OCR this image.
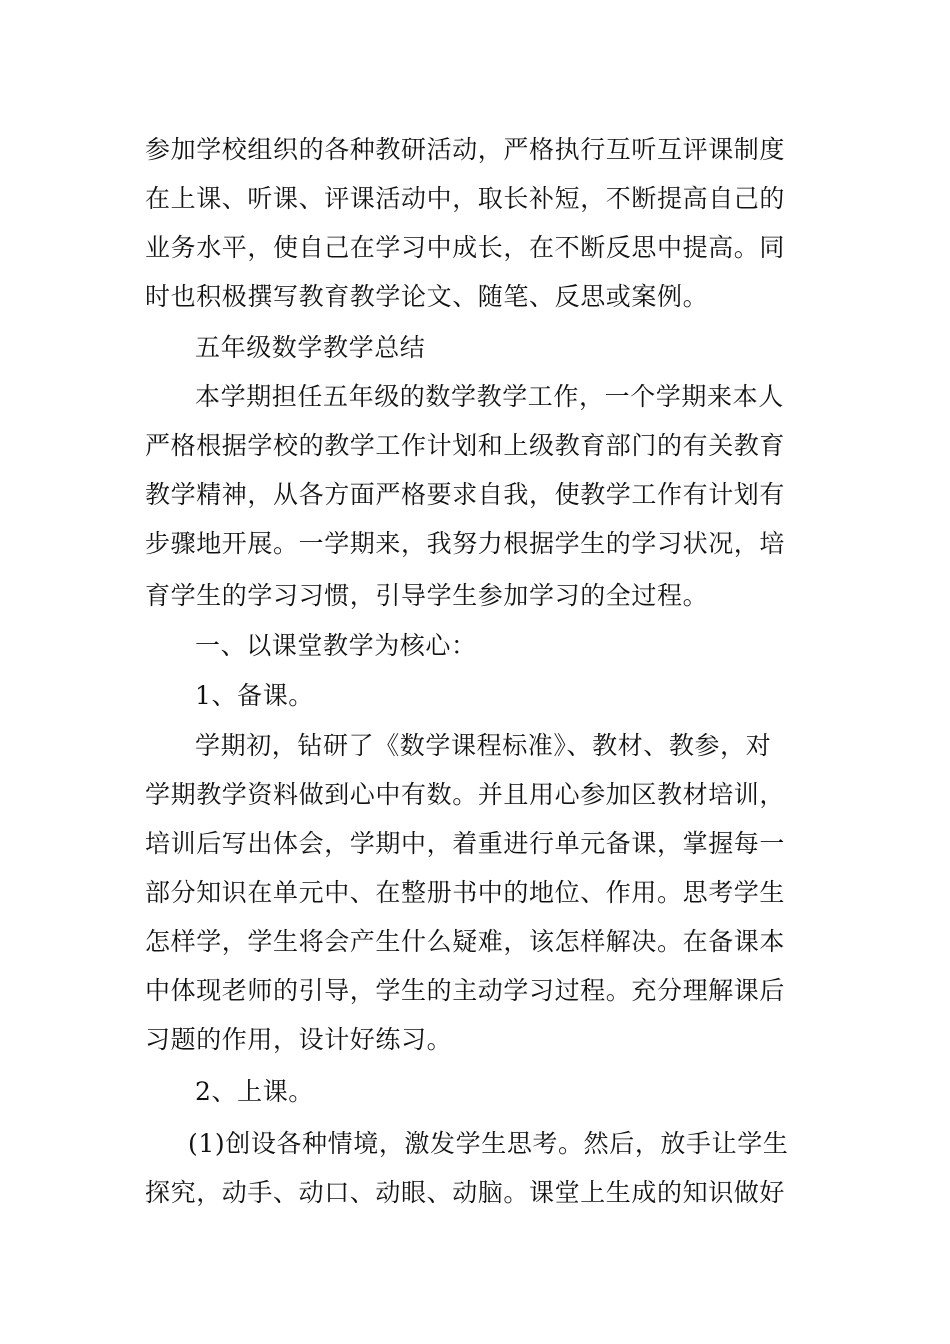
参加学校组织的各种教研活动，严格执行互听互评课制度
在上课、听课、评课活动中，取长补短，不断提高自己的
业务水平，使自己在学习中成长，在不断反思中提高。同
时也积极撰写教育教学论文、随笔、反思或案例。
五年级数学教学总结
本学期担任五年级的数学教学工作，一个学期来本人
严格根据学校的教学工作计划和上级教育部门的有关教育
教学精神，从各方面严格要求自我，使教学工作有计划有
步骤地开展。一学期来，我努力根据学生的学习状况，培
育学生的学习习惯，引导学生参加学习的全过程。
一、以课堂教学为核心：
1、备课。
学期初，钻研了《数学课程标准》、教材、教参，对
学期教学资料做到心中有数。并且用心参加区教材培训，
培训后写出体会，学期中，着重进行单元备课，掌握每一
部分知识在单元中、在整册书中的地位、作用。思考学生
怎样学，学生将会产生什么疑难，该怎样解决。在备课本
中体现老师的引导，学生的主动学习过程。充分理解课后
习题的作用，设计好练习。
2、上课。
(1)创设各种情境，激发学生思考。然后，放手让学生
探究，动手、动口、动眼、动脑。课堂上生成的知识做好
